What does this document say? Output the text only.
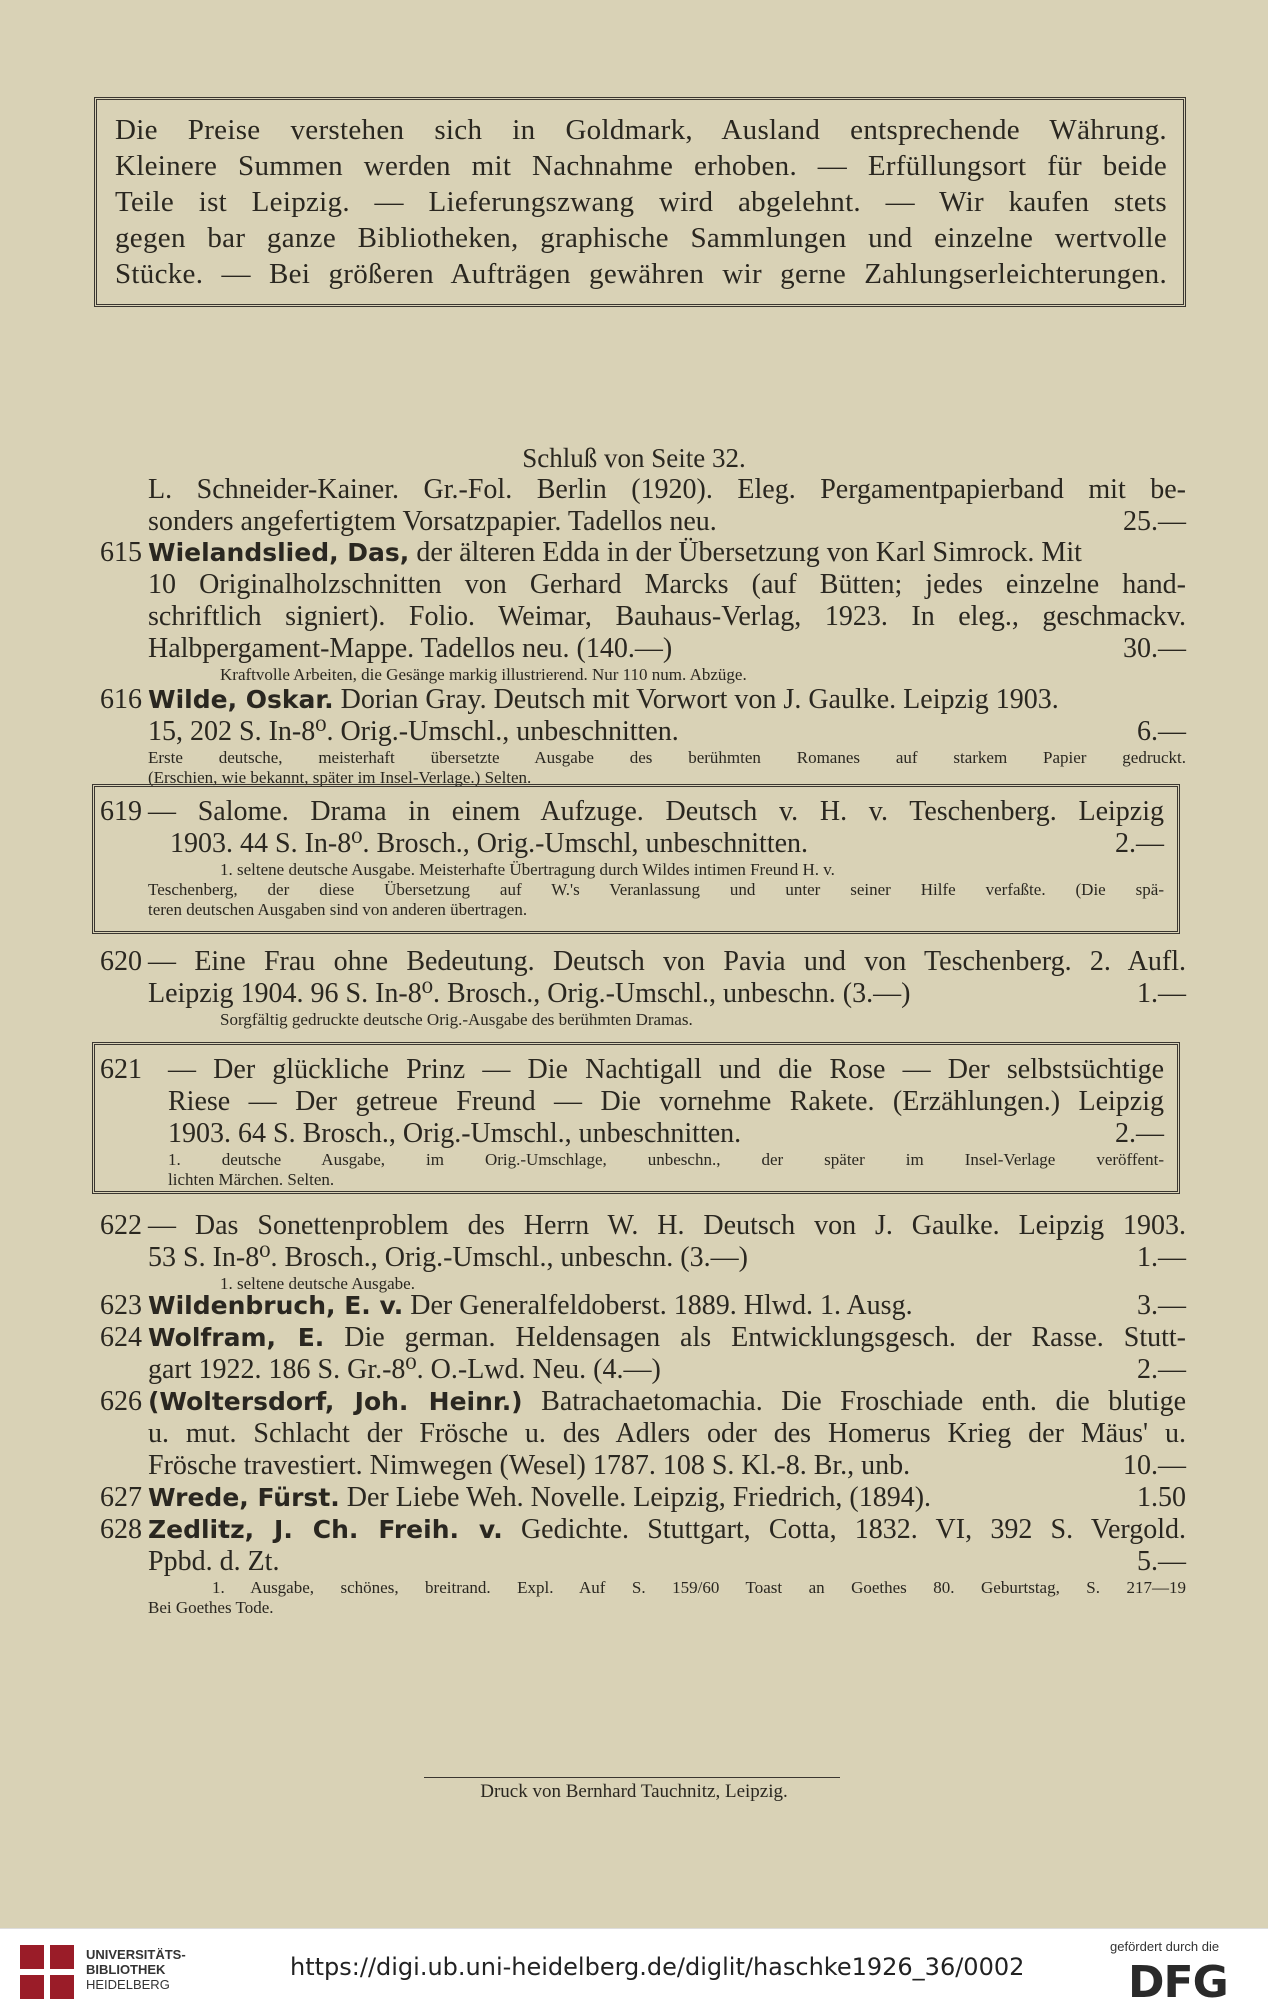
Die Preise verstehen sich in Goldmark, Ausland entsprechende Währung.
Kleinere Summen werden mit Nachnahme erhoben. — Erfüllungsort für beide
Teile ist Leipzig. — Lieferungszwang wird abgelehnt. — Wir kaufen stets
gegen bar ganze Bibliotheken, graphische Sammlungen und einzelne wertvolle
Stücke. — Bei größeren Aufträgen gewähren wir gerne Zahlungserleichterungen.
Schluß von Seite 32.
L. Schneider-Kainer. Gr.-Fol. Berlin (1920). Eleg. Pergamentpapierband mit be-
sonders angefertigtem Vorsatzpapier. Tadellos neu.	25.—
615 Wielandslied, Das, der älteren Edda in der Übersetzung von Karl Simrock. Mit
10 Originalholzschnitten von Gerhard Marcks (auf Bütten; jedes einzelne hand-
schriftlich signiert). Folio. Weimar, Bauhaus-Verlag, 1923. In eleg., geschmackv.
Halbpergament-Mappe. Tadellos neu. (140.—)	30.—
Kraftvolle Arbeiten, die Gesänge markig illustrierend. Nur 110 num. Abzüge.
616 Wilde, Oskar. Dorian Gray. Deutsch mit Vorwort von J. Gaulke. Leipzig 1903.
15, 202 S. In-8⁰. Orig.-Umschl., unbeschnitten.	6.—
Erste deutsche, meisterhaft übersetzte Ausgabe des berühmten Romanes auf starkem Papier gedruckt.
(Erschien, wie bekannt, später im Insel-Verlage.) Selten.
619 — Salome. Drama in einem Aufzuge. Deutsch v. H. v. Teschenberg. Leipzig
1903. 44 S. In-8⁰. Brosch., Orig.-Umschl, unbeschnitten.	2.—
1. seltene deutsche Ausgabe. Meisterhafte Übertragung durch Wildes intimen Freund H. v.
Teschenberg, der diese Übersetzung auf W.'s Veranlassung und unter seiner Hilfe verfaßte. (Die spä-
teren deutschen Ausgaben sind von anderen übertragen.
620 — Eine Frau ohne Bedeutung. Deutsch von Pavia und von Teschenberg. 2. Aufl.
Leipzig 1904. 96 S. In-8⁰. Brosch., Orig.-Umschl., unbeschn. (3.—)	1.—
Sorgfältig gedruckte deutsche Orig.-Ausgabe des berühmten Dramas.
621 — Der glückliche Prinz — Die Nachtigall und die Rose — Der selbstsüchtige
Riese — Der getreue Freund — Die vornehme Rakete. (Erzählungen.) Leipzig
1903. 64 S. Brosch., Orig.-Umschl., unbeschnitten.	2.—
1. deutsche Ausgabe, im Orig.-Umschlage, unbeschn., der später im Insel-Verlage veröffent-
lichten Märchen. Selten.
622 — Das Sonettenproblem des Herrn W. H. Deutsch von J. Gaulke. Leipzig 1903.
53 S. In-8⁰. Brosch., Orig.-Umschl., unbeschn. (3.—)	1.—
1. seltene deutsche Ausgabe.
623 Wildenbruch, E. v. Der Generalfeldoberst. 1889. Hlwd. 1. Ausg.	3.—
624 Wolfram, E. Die german. Heldensagen als Entwicklungsgesch. der Rasse. Stutt-
gart 1922. 186 S. Gr.-8⁰. O.-Lwd. Neu. (4.—)	2.—
626 (Woltersdorf, Joh. Heinr.) Batrachaetomachia. Die Froschiade enth. die blutige
u. mut. Schlacht der Frösche u. des Adlers oder des Homerus Krieg der Mäus' u.
Frösche travestiert. Nimwegen (Wesel) 1787. 108 S. Kl.-8. Br., unb.	10.—
627 Wrede, Fürst. Der Liebe Weh. Novelle. Leipzig, Friedrich, (1894).	1.50
628 Zedlitz, J. Ch. Freih. v. Gedichte. Stuttgart, Cotta, 1832. VI, 392 S. Vergold.
Ppbd. d. Zt.	5.—
1. Ausgabe, schönes, breitrand. Expl. Auf S. 159/60 Toast an Goethes 80. Geburtstag, S. 217—19
Bei Goethes Tode.
Druck von Bernhard Tauchnitz, Leipzig.
UNIVERSITÄTS-
BIBLIOTHEK
HEIDELBERG
https://digi.ub.uni-heidelberg.de/diglit/haschke1926_36/0002
gefördert durch die
DFG
